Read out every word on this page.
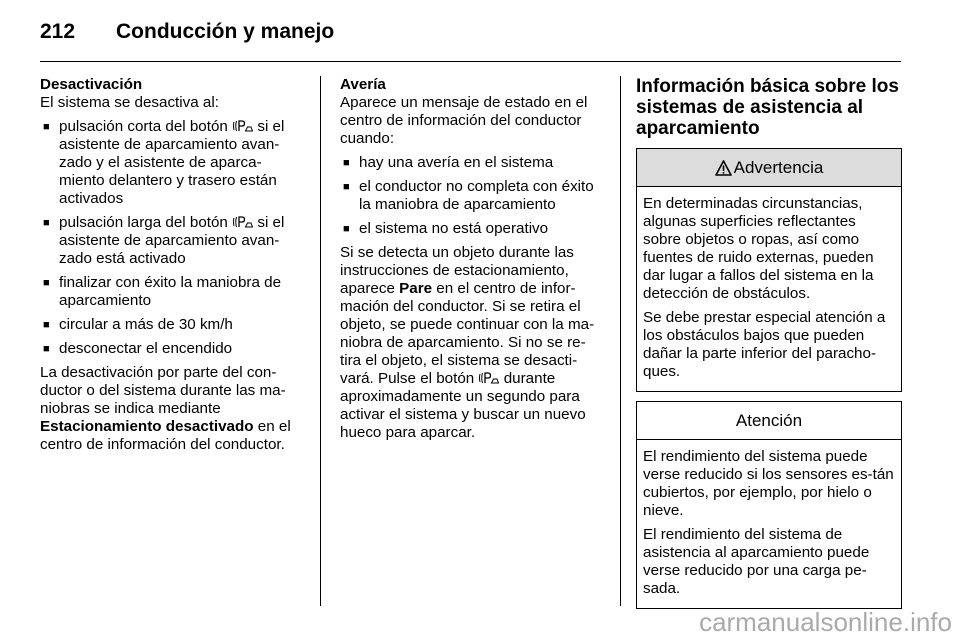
212 Conducción y manejo

Desactivación

El sistema se desactiva al:

■ pulsación corta del botón si el asistente de aparcamiento avan-zado y el asistente de aparca-miento delantero y trasero están activados
■ pulsación larga del botón si el asistente de aparcamiento avan-zado está activado
■ finalizar con éxito la maniobra de aparcamiento
■ circular a más de 30 km/h
■ desconectar el encendido

La desactivación por parte del con-ductor o del sistema durante las ma-niobras se indica mediante Estacionamiento desactivado en el centro de información del conductor.

Avería

Aparece un mensaje de estado en el centro de información del conductor cuando:

■ hay una avería en el sistema
■ el conductor no completa con éxito la maniobra de aparcamiento
■ el sistema no está operativo

Si se detecta un objeto durante las instrucciones de estacionamiento, aparece Pare en el centro de infor-mación del conductor. Si se retira el objeto, se puede continuar con la ma-niobra de aparcamiento. Si no se re-tira el objeto, el sistema se desacti-vará. Pulse el botón durante aproximadamente un segundo para activar el sistema y buscar un nuevo hueco para aparcar.

Información básica sobre los sistemas de asistencia al aparcamiento
Advertencia

En determinadas circunstancias, algunas superficies reflectantes sobre objetos o ropas, así como fuentes de ruido externas, pueden dar lugar a fallos del sistema en la detección de obstáculos.

Se debe prestar especial atención a los obstáculos bajos que pueden dañar la parte inferior del paracho-ques.

Atención

El rendimiento del sistema puede verse reducido si los sensores es-tán cubiertos, por ejemplo, por hielo o nieve.

El rendimiento del sistema de asistencia al aparcamiento puede verse reducido por una carga pe-sada.

carmanualsonline.info
